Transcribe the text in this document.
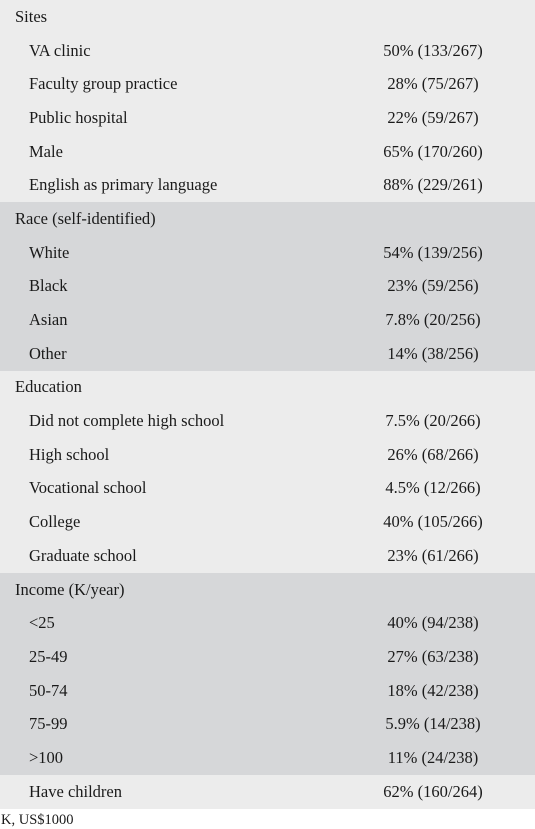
Sites
VA clinic	50% (133/267)
Faculty group practice	28% (75/267)
Public hospital	22% (59/267)
Male	65% (170/260)
English as primary language	88% (229/261)
Race (self-identified)
White	54% (139/256)
Black	23% (59/256)
Asian	7.8% (20/256)
Other	14% (38/256)
Education
Did not complete high school	7.5% (20/266)
High school	26% (68/266)
Vocational school	4.5% (12/266)
College	40% (105/266)
Graduate school	23% (61/266)
Income (K/year)
<25	40% (94/238)
25-49	27% (63/238)
50-74	18% (42/238)
75-99	5.9% (14/238)
>100	11% (24/238)
Have children	62% (160/264)
K, US$1000
